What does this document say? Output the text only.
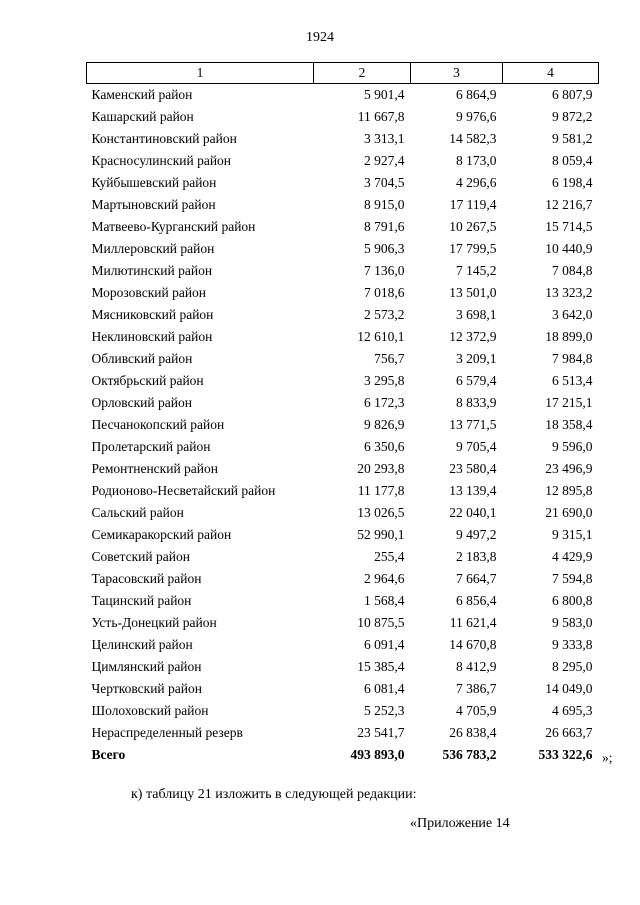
1924
1	2	3	4
Каменский район	5 901,4	6 864,9	6 807,9
Кашарский район	11 667,8	9 976,6	9 872,2
Константиновский район	3 313,1	14 582,3	9 581,2
Красносулинский район	2 927,4	8 173,0	8 059,4
Куйбышевский район	3 704,5	4 296,6	6 198,4
Мартыновский район	8 915,0	17 119,4	12 216,7
Матвеево-Курганский район	8 791,6	10 267,5	15 714,5
Миллеровский район	5 906,3	17 799,5	10 440,9
Милютинский район	7 136,0	7 145,2	7 084,8
Морозовский район	7 018,6	13 501,0	13 323,2
Мясниковский район	2 573,2	3 698,1	3 642,0
Неклиновский район	12 610,1	12 372,9	18 899,0
Обливский район	756,7	3 209,1	7 984,8
Октябрьский район	3 295,8	6 579,4	6 513,4
Орловский район	6 172,3	8 833,9	17 215,1
Песчанокопский район	9 826,9	13 771,5	18 358,4
Пролетарский район	6 350,6	9 705,4	9 596,0
Ремонтненский район	20 293,8	23 580,4	23 496,9
Родионово-Несветайский район	11 177,8	13 139,4	12 895,8
Сальский район	13 026,5	22 040,1	21 690,0
Семикаракорский район	52 990,1	9 497,2	9 315,1
Советский район	255,4	2 183,8	4 429,9
Тарасовский район	2 964,6	7 664,7	7 594,8
Тацинский район	1 568,4	6 856,4	6 800,8
Усть-Донецкий район	10 875,5	11 621,4	9 583,0
Целинский район	6 091,4	14 670,8	9 333,8
Цимлянский район	15 385,4	8 412,9	8 295,0
Чертковский район	6 081,4	7 386,7	14 049,0
Шолоховский район	5 252,3	4 705,9	4 695,3
Нераспределенный резерв	23 541,7	26 838,4	26 663,7
Всего	493 893,0	536 783,2	533 322,6 »;
к) таблицу 21 изложить в следующей редакции:
«Приложение 14
